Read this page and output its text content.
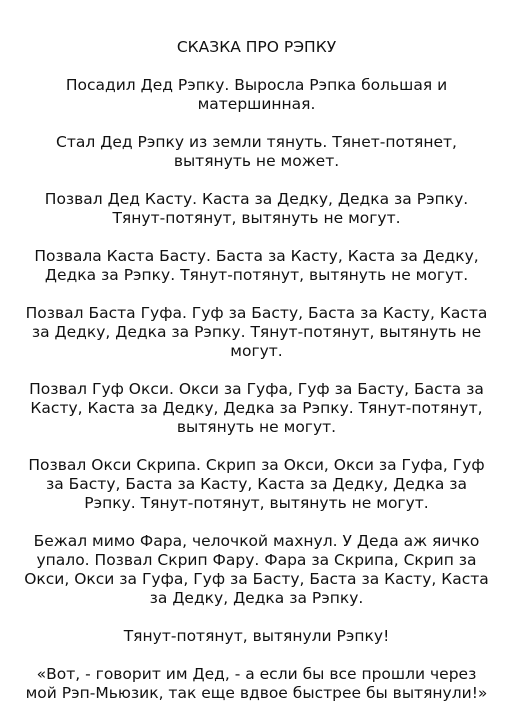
СКАЗКА ПРО РЭПКУ
Посадил Дед Рэпку. Выросла Рэпка большая и матершинная.
Стал Дед Рэпку из земли тянуть. Тянет-потянет, вытянуть не может.
Позвал Дед Касту. Каста за Дедку, Дедка за Рэпку. Тянут-потянут, вытянуть не могут.
Позвала Каста Басту. Баста за Касту, Каста за Дедку, Дедка за Рэпку. Тянут-потянут, вытянуть не могут.
Позвал Баста Гуфа. Гуф за Басту, Баста за Касту, Каста за Дедку, Дедка за Рэпку. Тянут-потянут, вытянуть не могут.
Позвал Гуф Окси. Окси за Гуфа, Гуф за Басту, Баста за Касту, Каста за Дедку, Дедка за Рэпку. Тянут-потянут, вытянуть не могут.
Позвал Окси Скрипа. Скрип за Окси, Окси за Гуфа, Гуф за Басту, Баста за Касту, Каста за Дедку, Дедка за Рэпку. Тянут-потянут, вытянуть не могут.
Бежал мимо Фара, челочкой махнул. У Деда аж яичко упало. Позвал Скрип Фару. Фара за Скрипа, Скрип за Окси, Окси за Гуфа, Гуф за Басту, Баста за Касту, Каста за Дедку, Дедка за Рэпку.
Тянут-потянут, вытянули Рэпку!
«Вот, - говорит им Дед, - а если бы все прошли через мой Рэп-Мьюзик, так еще вдвое быстрее бы вытянули!»
